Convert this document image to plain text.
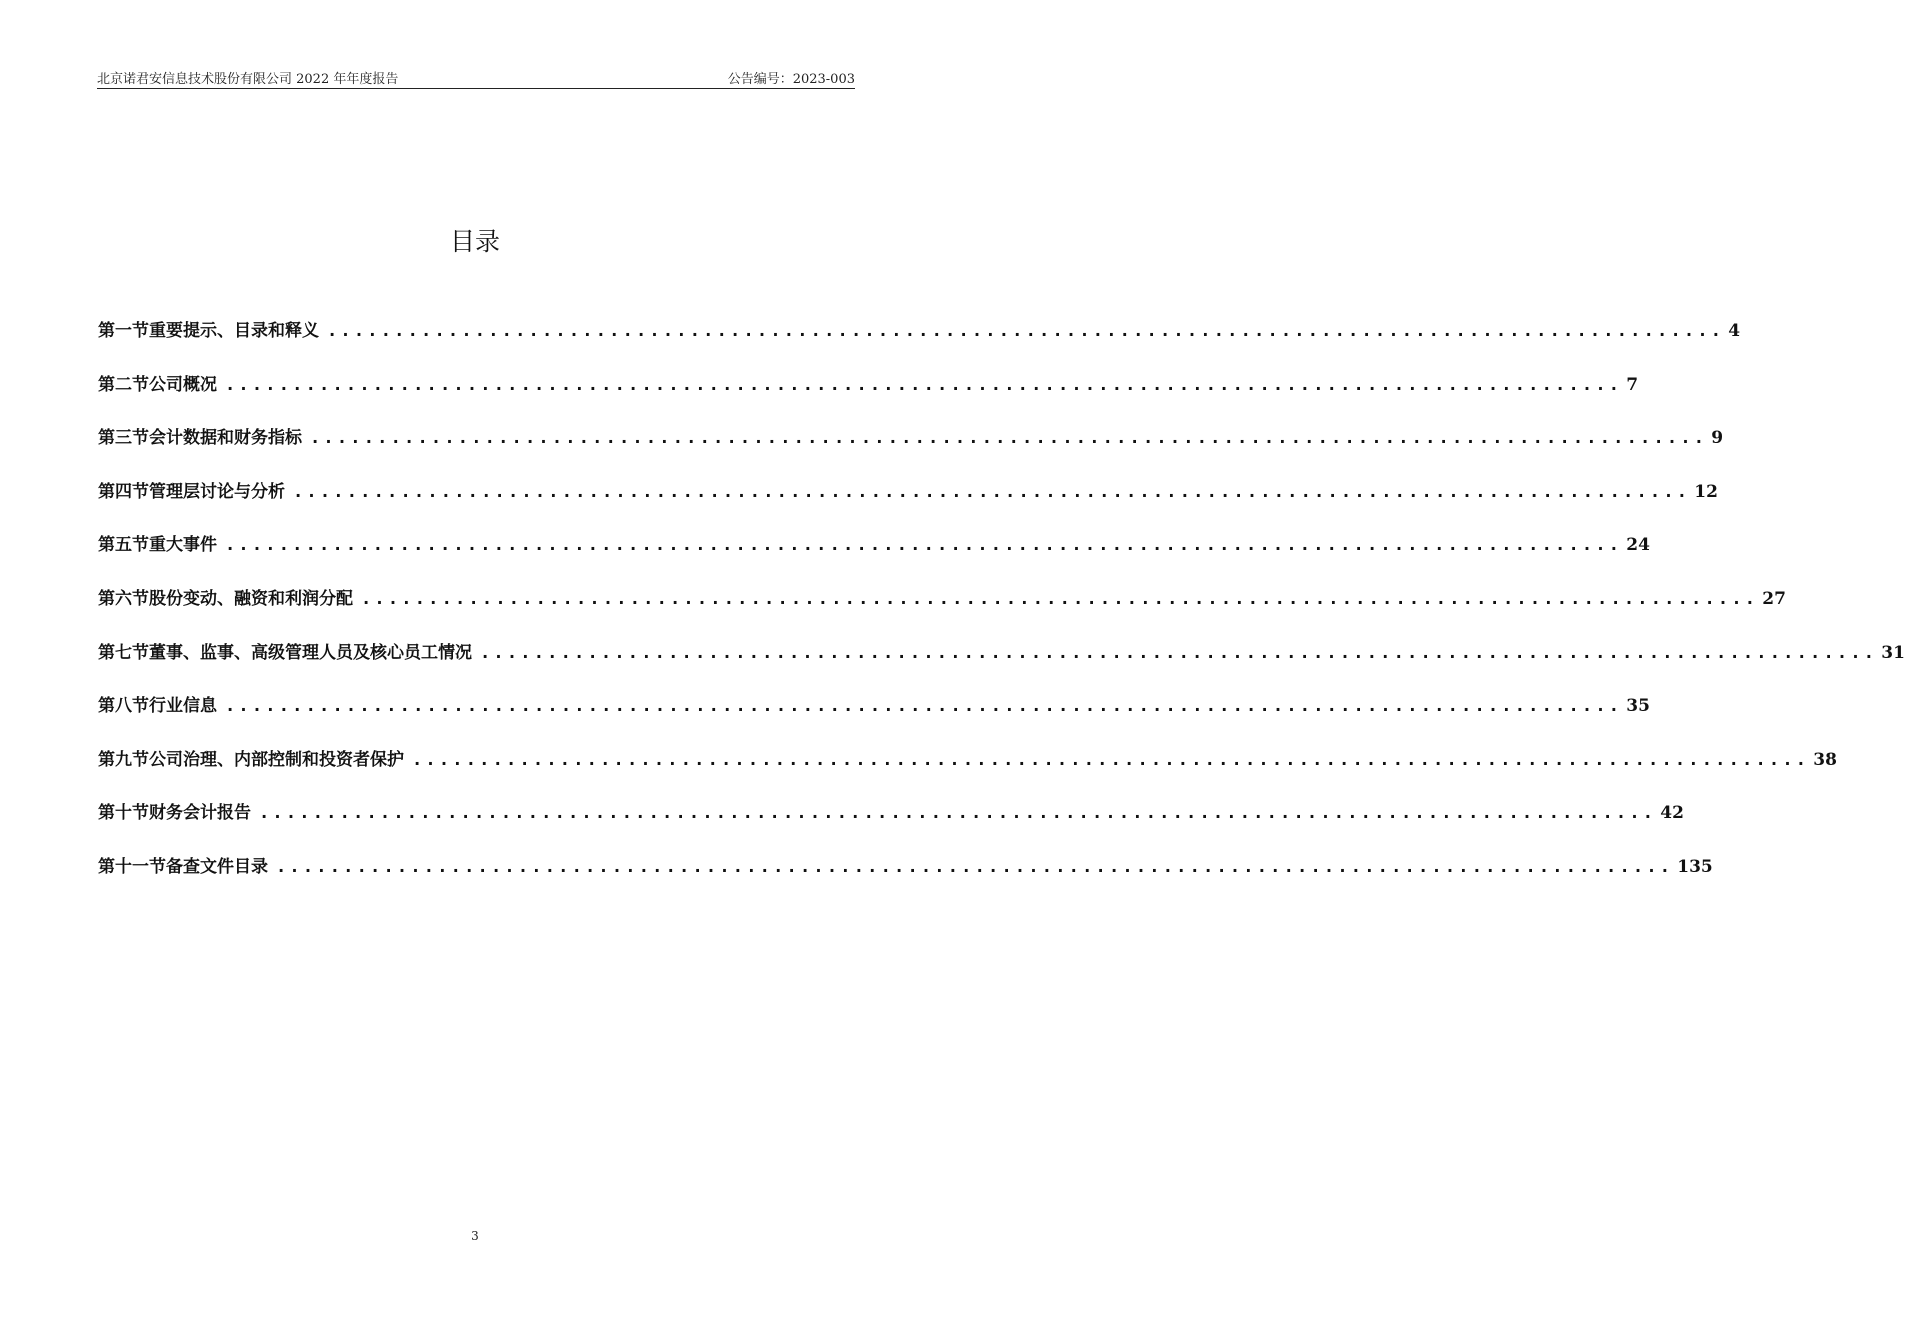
北京诺君安信息技术股份有限公司 2022 年年度报告	公告编号：2023-003
目录
第一节 重要提示、目录和释义 ........................................................................................................ 4
第二节 公司概况 ........................................................................................................ 7
第三节 会计数据和财务指标 ........................................................................................................ 9
第四节 管理层讨论与分析 ........................................................................................................ 12
第五节 重大事件 ........................................................................................................ 24
第六节 股份变动、融资和利润分配 ........................................................................................................ 27
第七节 董事、监事、高级管理人员及核心员工情况 ........................................................................................................ 31
第八节 行业信息 ........................................................................................................ 35
第九节 公司治理、内部控制和投资者保护 ........................................................................................................ 38
第十节 财务会计报告 ........................................................................................................ 42
第十一节 备查文件目录 ........................................................................................................ 135
3
